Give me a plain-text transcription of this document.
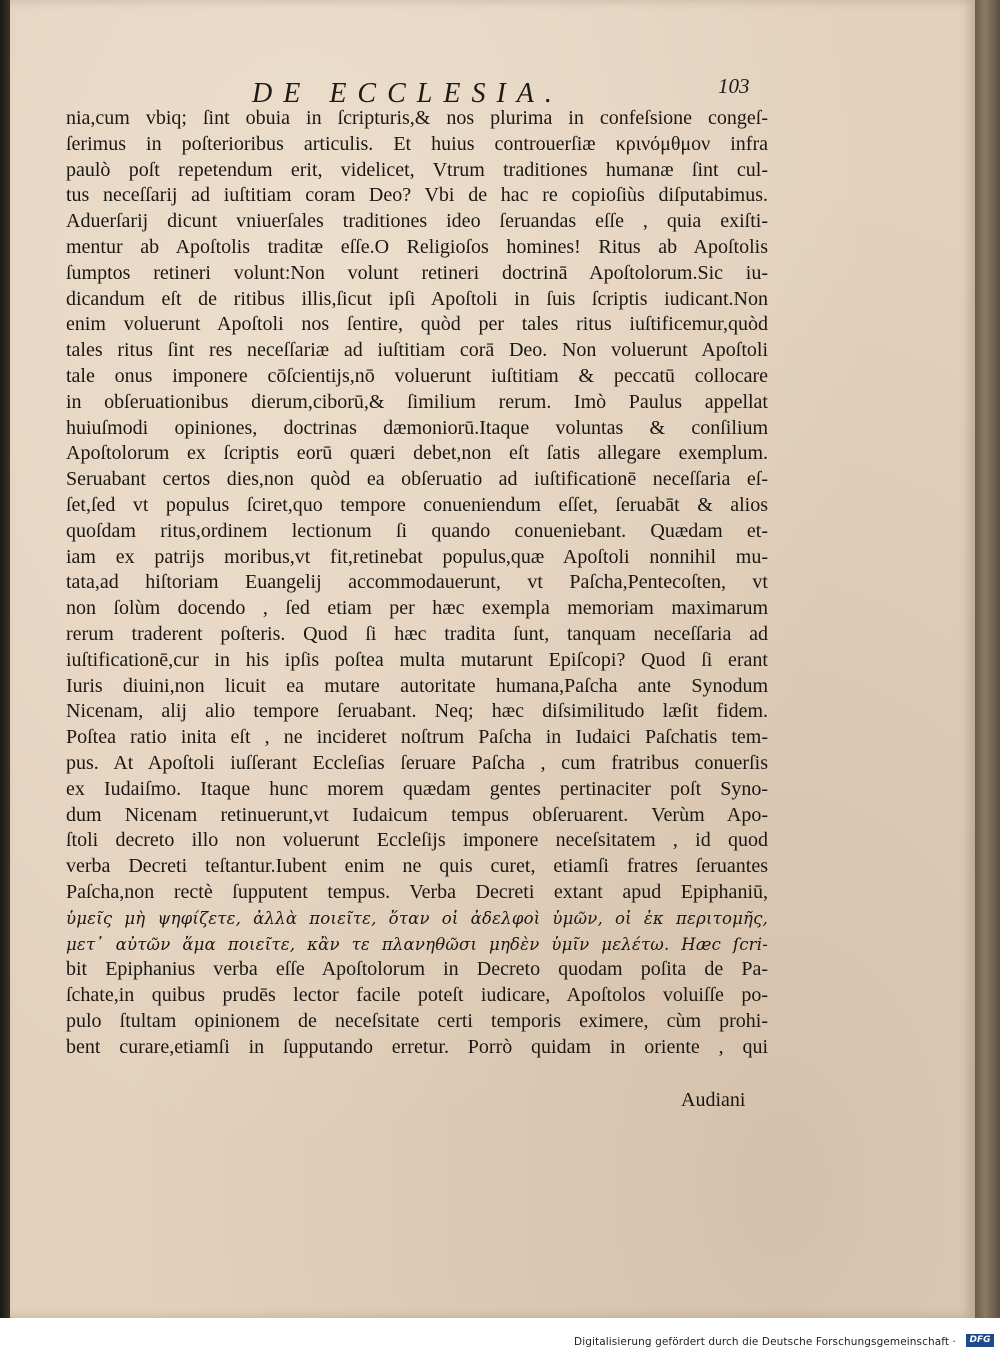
DE ECCLESIA.	103
nia,cum vbiq; ſint obuia in ſcripturis,& nos plurima in confeſsione congeſ-
ſerimus in poſterioribus articulis. Et huius controuerſiæ κρινόμθμον infra
paulò poſt repetendum erit, videlicet, Vtrum traditiones humanæ ſint cul-
tus neceſſarij ad iuſtitiam coram Deo? Vbi de hac re copioſiùs diſputabimus.
Aduerſarij dicunt vniuerſales traditiones ideo ſeruandas eſſe , quia exiſti-
mentur ab Apoſtolis traditæ eſſe.O Religioſos homines! Ritus ab Apoſtolis
ſumptos retineri volunt:Non volunt retineri doctrinā Apoſtolorum.Sic iu-
dicandum eſt de ritibus illis,ſicut ipſi Apoſtoli in ſuis ſcriptis iudicant.Non
enim voluerunt Apoſtoli nos ſentire, quòd per tales ritus iuſtificemur,quòd
tales ritus ſint res neceſſariæ ad iuſtitiam corā Deo. Non voluerunt Apoſtoli
tale onus imponere cōſcientijs,nō voluerunt iuſtitiam & peccatū collocare
in obſeruationibus dierum,ciborū,& ſimilium rerum. Imò Paulus appellat
huiuſmodi opiniones, doctrinas dæmoniorū.Itaque voluntas & conſilium
Apoſtolorum ex ſcriptis eorū quæri debet,non eſt ſatis allegare exemplum.
Seruabant certos dies,non quòd ea obſeruatio ad iuſtificationē neceſſaria eſ-
ſet,ſed vt populus ſciret,quo tempore conueniendum eſſet, ſeruabāt & alios
quoſdam ritus,ordinem lectionum ſi quando conueniebant. Quædam et-
iam ex patrijs moribus,vt fit,retinebat populus,quæ Apoſtoli nonnihil mu-
tata,ad hiſtoriam Euangelij accommodauerunt, vt Paſcha,Pentecoſten, vt
non ſolùm docendo , ſed etiam per hæc exempla memoriam maximarum
rerum traderent poſteris. Quod ſi hæc tradita ſunt, tanquam neceſſaria ad
iuſtificationē,cur in his ipſis poſtea multa mutarunt Epiſcopi? Quod ſi erant
Iuris diuini,non licuit ea mutare autoritate humana,Paſcha ante Synodum
Nicenam, alij alio tempore ſeruabant. Neq; hæc diſsimilitudo læſit fidem.
Poſtea ratio inita eſt , ne incideret noſtrum Paſcha in Iudaici Paſchatis tem-
pus. At Apoſtoli iuſſerant Eccleſias ſeruare Paſcha , cum fratribus conuerſis
ex Iudaiſmo. Itaque hunc morem quædam gentes pertinaciter poſt Syno-
dum Nicenam retinuerunt,vt Iudaicum tempus obſeruarent. Verùm Apo-
ſtoli decreto illo non voluerunt Eccleſijs imponere neceſsitatem , id quod
verba Decreti teſtantur.Iubent enim ne quis curet, etiamſi fratres ſeruantes
Paſcha,non rectè ſupputent tempus. Verba Decreti extant apud Epiphaniū,
ὑμεῖς μὴ ψηφίζετε, ἀλλὰ ποιεῖτε, ὅταν οἱ ἀδελφοὶ ὑμῶν, οἱ ἐκ περιτομῆς,
μετ᾽ αὐτῶν ἅμα ποιεῖτε, κἂν τε πλανηθῶσι μηδὲν ὑμῖν μελέτω. Hæc ſcri-
bit Epiphanius verba eſſe Apoſtolorum in Decreto quodam poſita de Pa-
ſchate,in quibus prudēs lector facile poteſt iudicare, Apoſtolos voluiſſe po-
pulo ſtultam opinionem de neceſsitate certi temporis eximere, cùm prohi-
bent curare,etiamſi in ſupputando erretur. Porrò quidam in oriente , qui
Audiani
Digitalisierung gefördert durch die Deutsche Forschungsgemeinschaft ·	DFG
